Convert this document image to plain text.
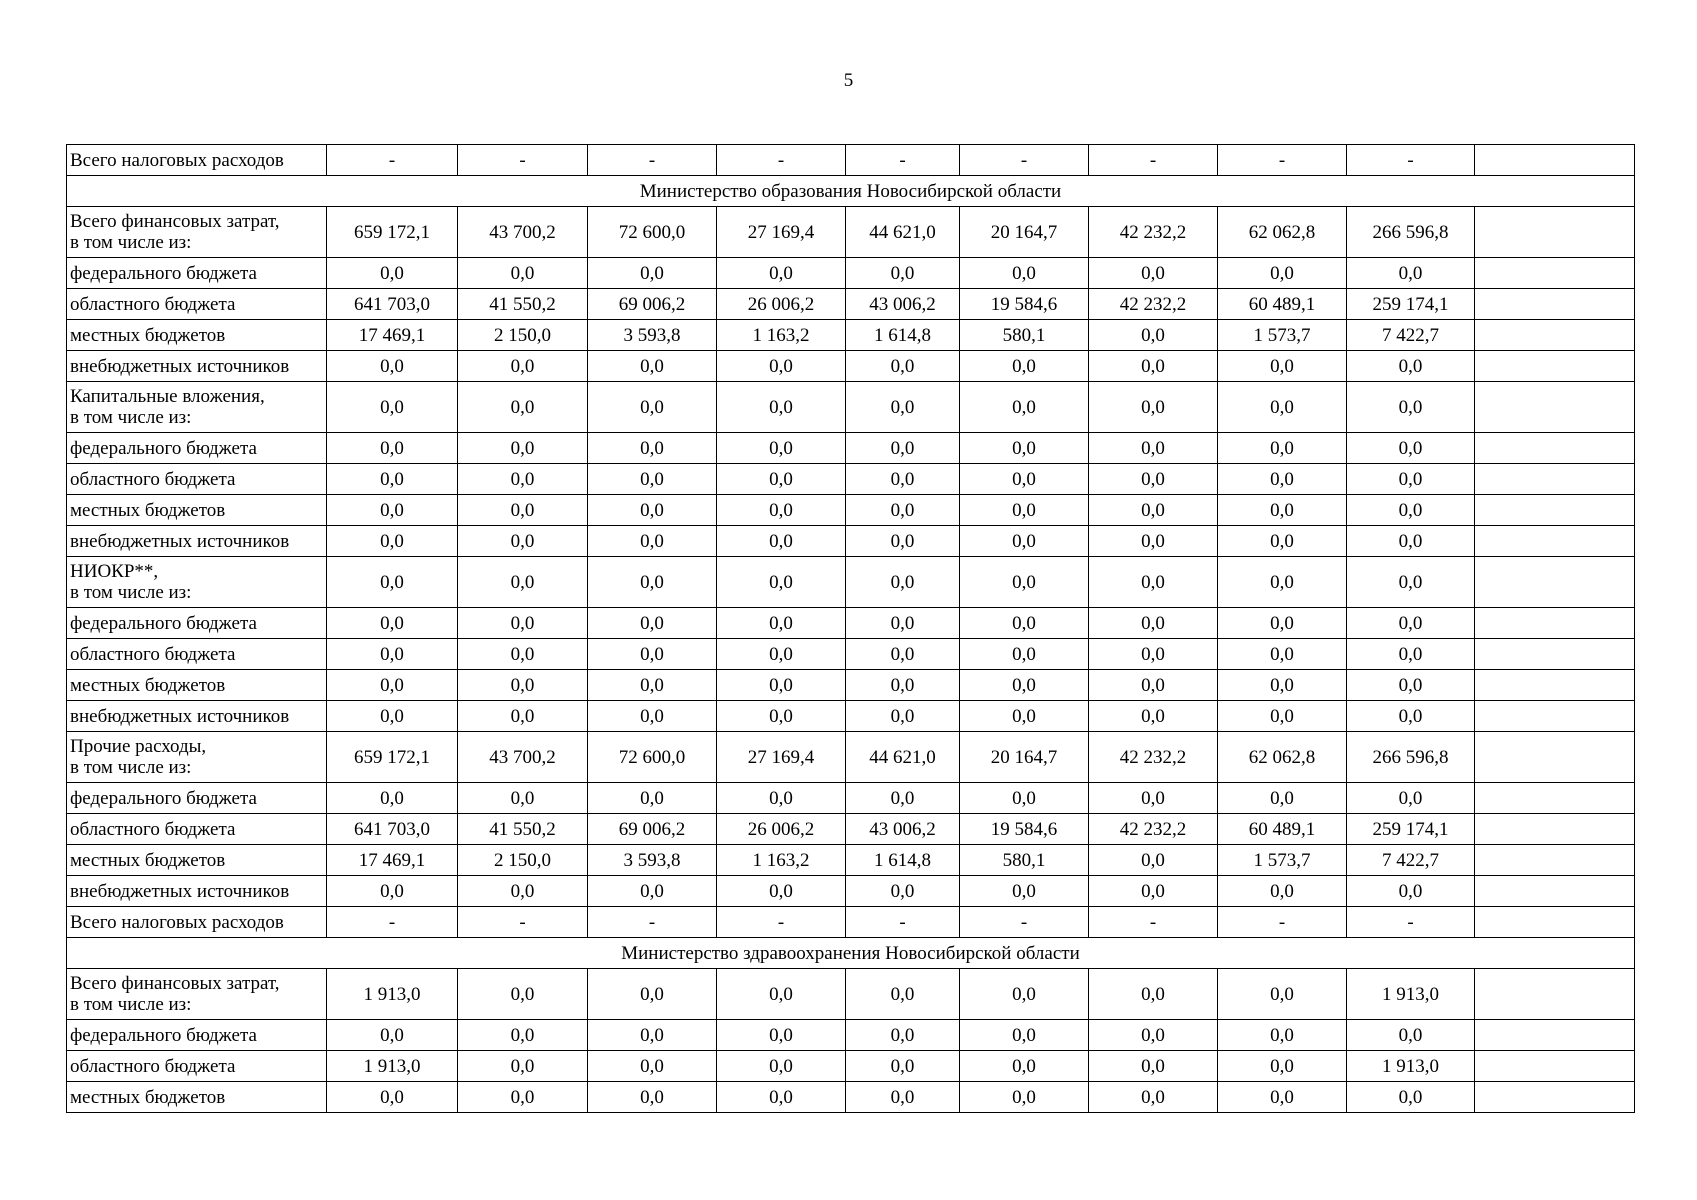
5
Всего налоговых расходов	-	-	-	-	-	-	-	-	-	
Министерство образования Новосибирской области										
Всего финансовых затрат,
в том числе из:	659 172,1	43 700,2	72 600,0	27 169,4	44 621,0	20 164,7	42 232,2	62 062,8	266 596,8	
федерального бюджета	0,0	0,0	0,0	0,0	0,0	0,0	0,0	0,0	0,0	
областного бюджета	641 703,0	41 550,2	69 006,2	26 006,2	43 006,2	19 584,6	42 232,2	60 489,1	259 174,1	
местных бюджетов	17 469,1	2 150,0	3 593,8	1 163,2	1 614,8	580,1	0,0	1 573,7	7 422,7	
внебюджетных источников	0,0	0,0	0,0	0,0	0,0	0,0	0,0	0,0	0,0	
Капитальные вложения,
в том числе из:	0,0	0,0	0,0	0,0	0,0	0,0	0,0	0,0	0,0	
федерального бюджета	0,0	0,0	0,0	0,0	0,0	0,0	0,0	0,0	0,0	
областного бюджета	0,0	0,0	0,0	0,0	0,0	0,0	0,0	0,0	0,0	
местных бюджетов	0,0	0,0	0,0	0,0	0,0	0,0	0,0	0,0	0,0	
внебюджетных источников	0,0	0,0	0,0	0,0	0,0	0,0	0,0	0,0	0,0	
НИОКР**,
в том числе из:	0,0	0,0	0,0	0,0	0,0	0,0	0,0	0,0	0,0	
федерального бюджета	0,0	0,0	0,0	0,0	0,0	0,0	0,0	0,0	0,0	
областного бюджета	0,0	0,0	0,0	0,0	0,0	0,0	0,0	0,0	0,0	
местных бюджетов	0,0	0,0	0,0	0,0	0,0	0,0	0,0	0,0	0,0	
внебюджетных источников	0,0	0,0	0,0	0,0	0,0	0,0	0,0	0,0	0,0	
Прочие расходы,
в том числе из:	659 172,1	43 700,2	72 600,0	27 169,4	44 621,0	20 164,7	42 232,2	62 062,8	266 596,8	
федерального бюджета	0,0	0,0	0,0	0,0	0,0	0,0	0,0	0,0	0,0	
областного бюджета	641 703,0	41 550,2	69 006,2	26 006,2	43 006,2	19 584,6	42 232,2	60 489,1	259 174,1	
местных бюджетов	17 469,1	2 150,0	3 593,8	1 163,2	1 614,8	580,1	0,0	1 573,7	7 422,7	
внебюджетных источников	0,0	0,0	0,0	0,0	0,0	0,0	0,0	0,0	0,0	
Всего налоговых расходов	-	-	-	-	-	-	-	-	-	
Министерство здравоохранения Новосибирской области										
Всего финансовых затрат,
в том числе из:	1 913,0	0,0	0,0	0,0	0,0	0,0	0,0	0,0	1 913,0	
федерального бюджета	0,0	0,0	0,0	0,0	0,0	0,0	0,0	0,0	0,0	
областного бюджета	1 913,0	0,0	0,0	0,0	0,0	0,0	0,0	0,0	1 913,0	
местных бюджетов	0,0	0,0	0,0	0,0	0,0	0,0	0,0	0,0	0,0	
